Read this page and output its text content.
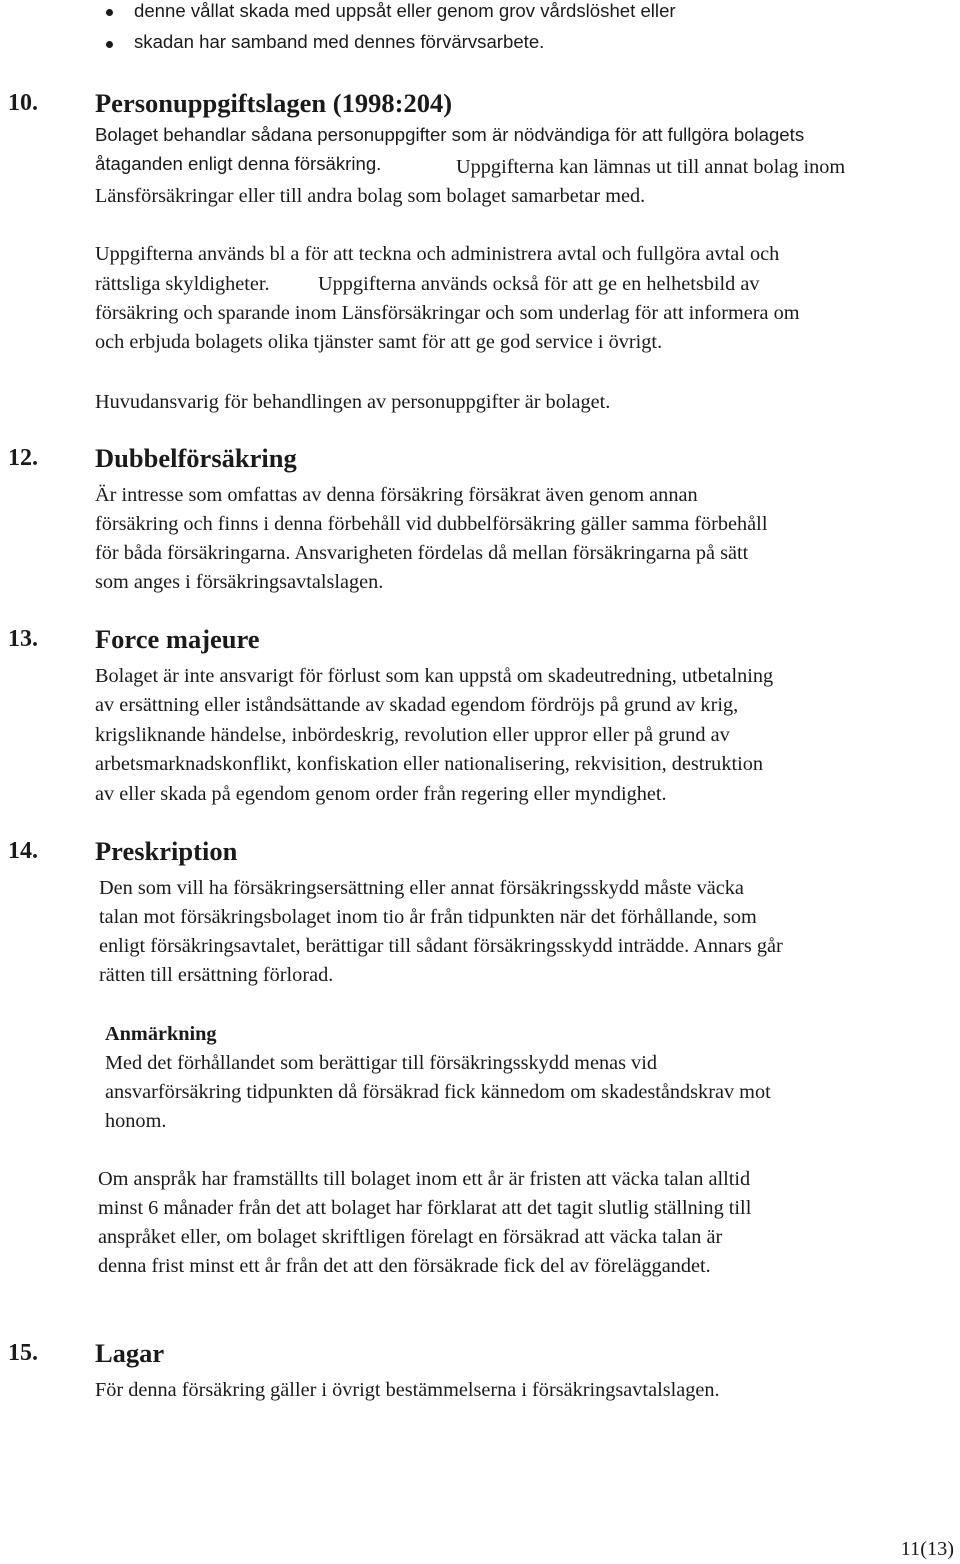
denne vållat skada med uppsåt eller genom grov vårdslöshet eller
skadan har samband med dennes förvärvsarbete.
10. Personuppgiftslagen (1998:204)
Bolaget behandlar sådana personuppgifter som är nödvändiga för att fullgöra bolagets
åtaganden enligt denna försäkring.	Uppgifterna kan lämnas ut till annat bolag inom
Länsförsäkringar eller till andra bolag som bolaget samarbetar med.
Uppgifterna används bl a för att teckna och administrera avtal och fullgöra avtal och
rättsliga skyldigheter. Uppgifterna används också för att ge en helhetsbild av
försäkring och sparande inom Länsförsäkringar och som underlag för att informera om
och erbjuda bolagets olika tjänster samt för att ge god service i övrigt.
Huvudansvarig för behandlingen av personuppgifter är bolaget.
12. Dubbelförsäkring
Är intresse som omfattas av denna försäkring försäkrat även genom annan
försäkring och finns i denna förbehåll vid dubbelförsäkring gäller samma förbehåll
för båda försäkringarna. Ansvarigheten fördelas då mellan försäkringarna på sätt
som anges i försäkringsavtalslagen.
13. Force majeure
Bolaget är inte ansvarigt för förlust som kan uppstå om skadeutredning, utbetalning
av ersättning eller iståndsättande av skadad egendom fördröjs på grund av krig,
krigsliknande händelse, inbördeskrig, revolution eller uppror eller på grund av
arbetsmarknadskonflikt, konfiskation eller nationalisering, rekvisition, destruktion
av eller skada på egendom genom order från regering eller myndighet.
14. Preskription
Den som vill ha försäkringsersättning eller annat försäkringsskydd måste väcka
talan mot försäkringsbolaget inom tio år från tidpunkten när det förhållande, som
enligt försäkringsavtalet, berättigar till sådant försäkringsskydd inträdde. Annars går
rätten till ersättning förlorad.
Anmärkning
Med det förhållandet som berättigar till försäkringsskydd menas vid
ansvarförsäkring tidpunkten då försäkrad fick kännedom om skadeståndskrav mot
honom.
Om anspråk har framställts till bolaget inom ett år är fristen att väcka talan alltid
minst 6 månader från det att bolaget har förklarat att det tagit slutlig ställning till
anspråket eller, om bolaget skriftligen förelagt en försäkrad att väcka talan är
denna frist minst ett år från det att den försäkrade fick del av föreläggandet.
15. Lagar
För denna försäkring gäller i övrigt bestämmelserna i försäkringsavtalslagen.
11(13)
